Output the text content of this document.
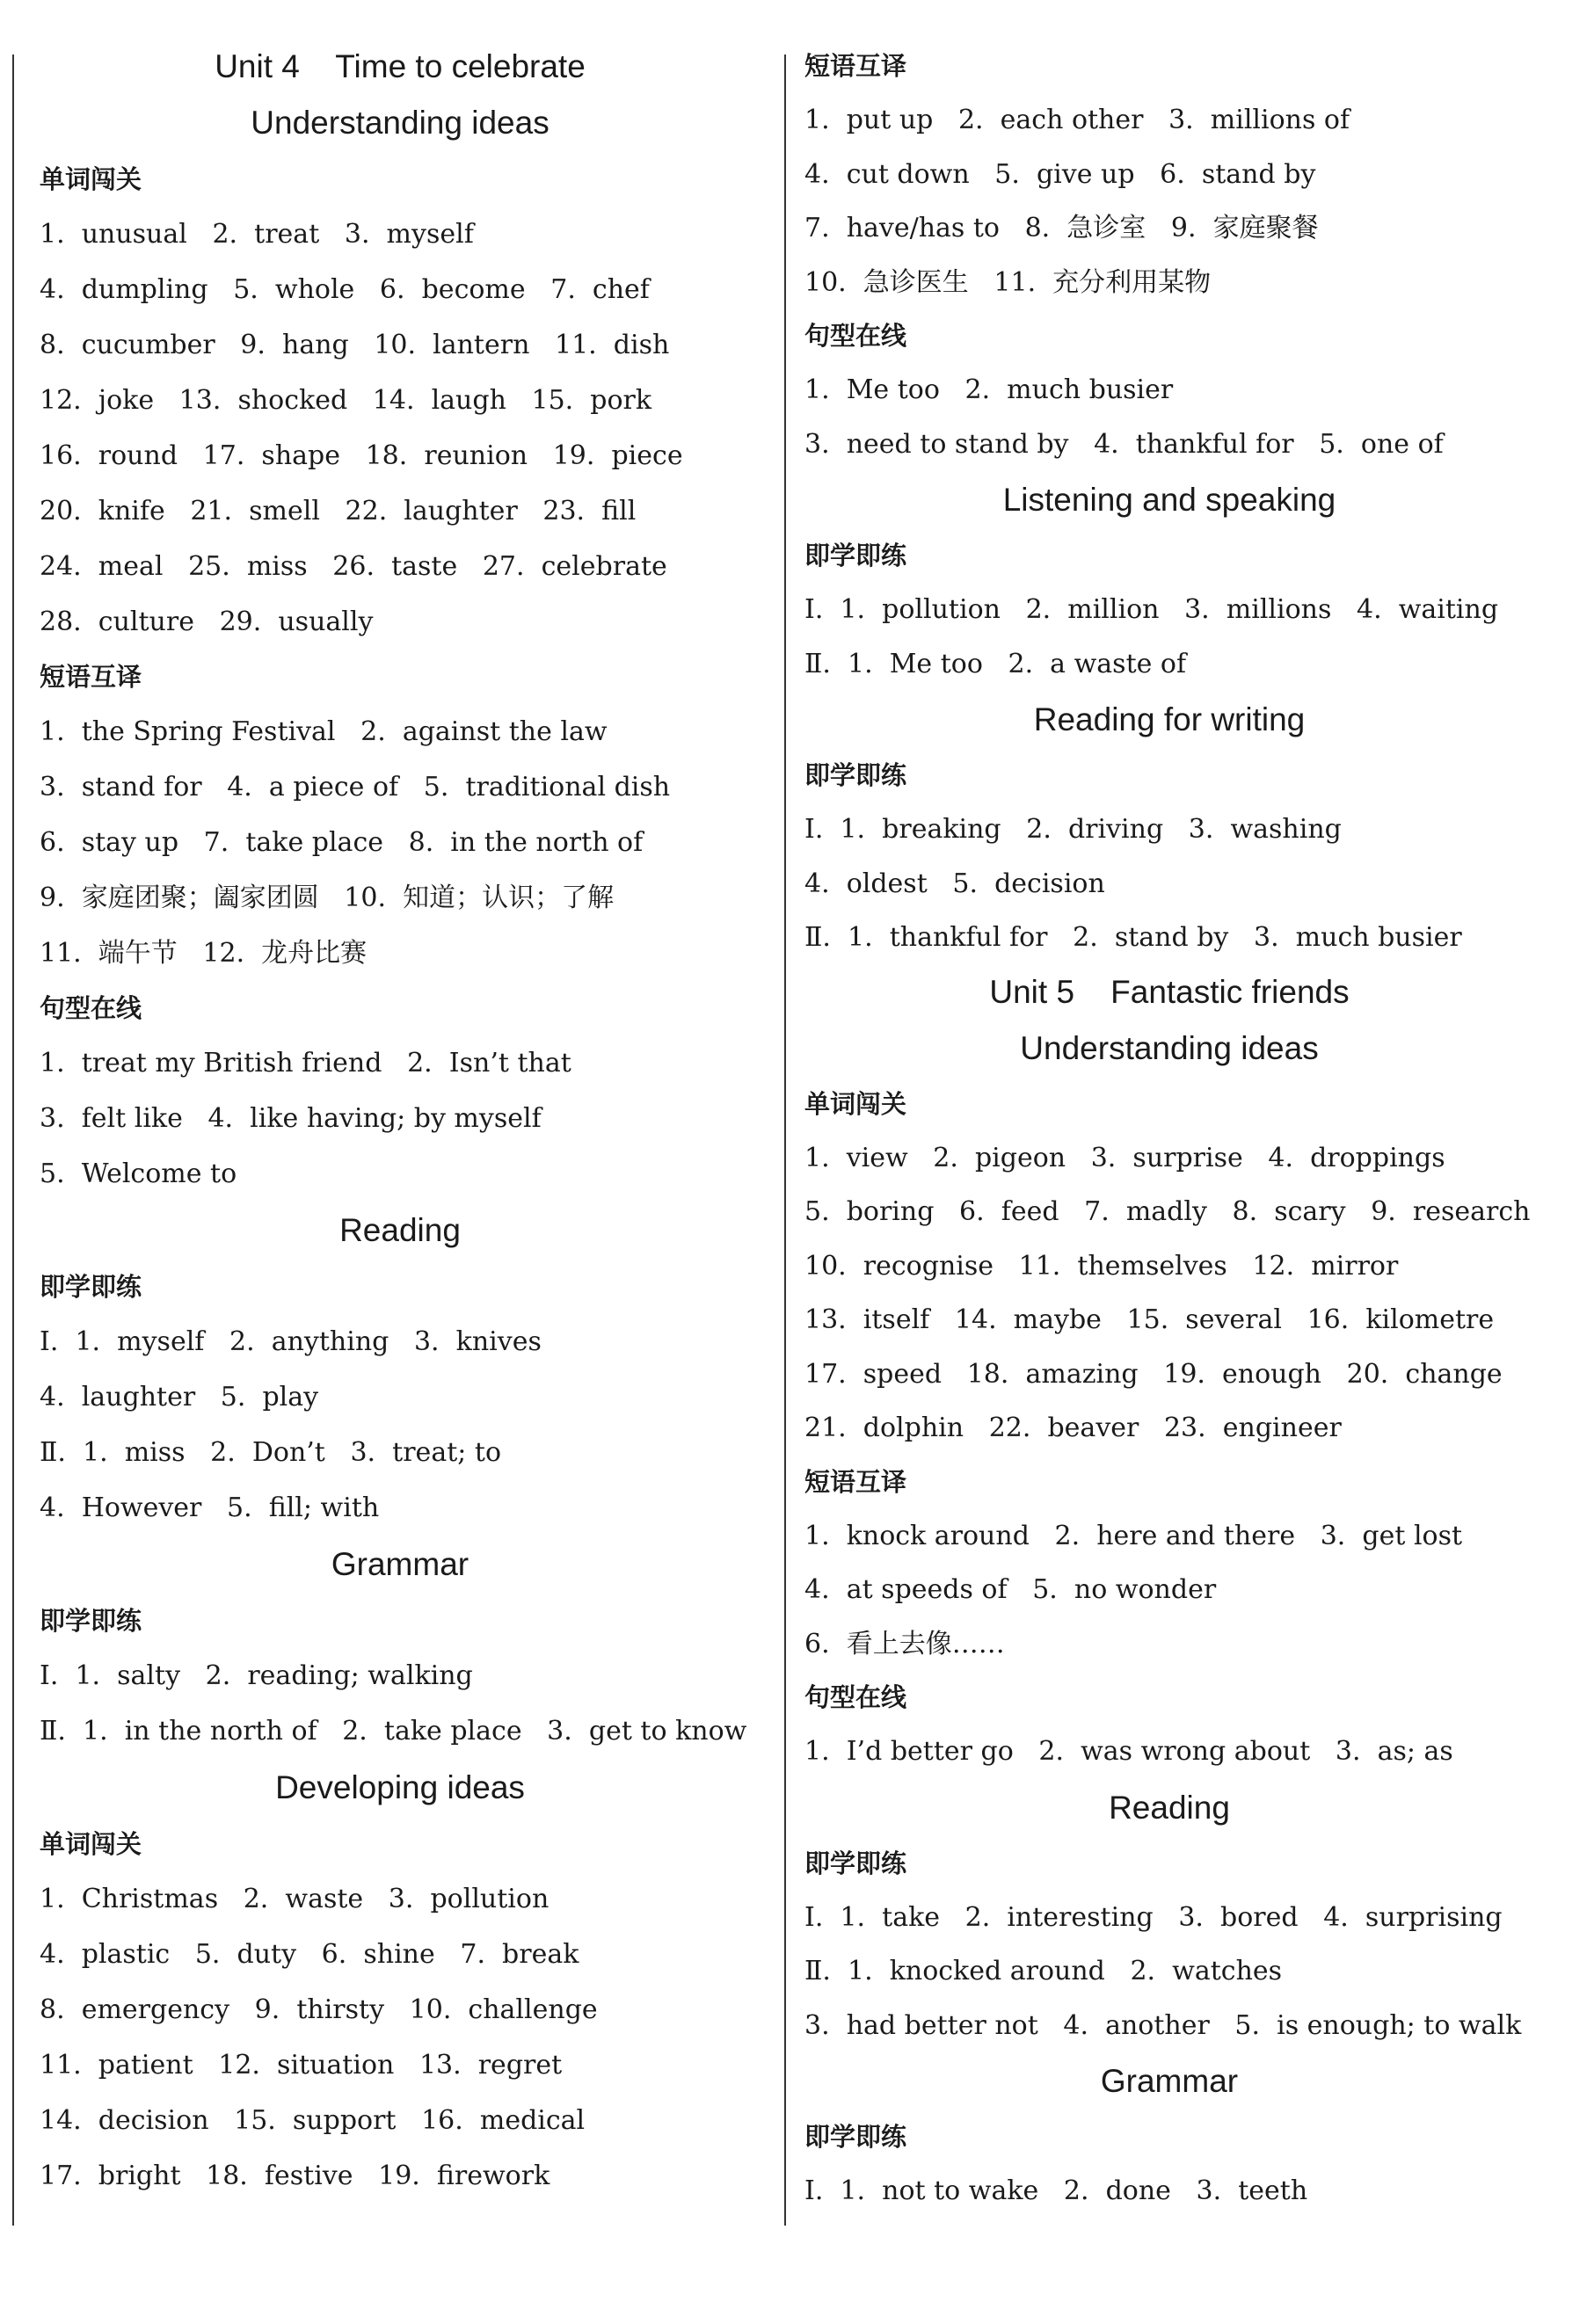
Unit 4    Time to celebrate
Understanding ideas
单词闯关
1.  unusual   2.  treat   3.  myself
4.  dumpling   5.  whole   6.  become   7.  chef
8.  cucumber   9.  hang   10.  lantern   11.  dish
12.  joke   13.  shocked   14.  laugh   15.  pork
16.  round   17.  shape   18.  reunion   19.  piece
20.  knife   21.  smell   22.  laughter   23.  fill
24.  meal   25.  miss   26.  taste   27.  celebrate
28.  culture   29.  usually
短语互译
1.  the Spring Festival   2.  against the law
3.  stand for   4.  a piece of   5.  traditional dish
6.  stay up   7.  take place   8.  in the north of
9.  家庭团聚；阖家团圆   10.  知道；认识；了解
11.  端午节   12.  龙舟比赛
句型在线
1.  treat my British friend   2.  Isn’t that
3.  felt like   4.  like having; by myself
5.  Welcome to
Reading
即学即练
Ⅰ.  1.  myself   2.  anything   3.  knives
4.  laughter   5.  play
Ⅱ.  1.  miss   2.  Don’t   3.  treat; to
4.  However   5.  fill; with
Grammar
即学即练
Ⅰ.  1.  salty   2.  reading; walking
Ⅱ.  1.  in the north of   2.  take place   3.  get to know
Developing ideas
单词闯关
1.  Christmas   2.  waste   3.  pollution
4.  plastic   5.  duty   6.  shine   7.  break
8.  emergency   9.  thirsty   10.  challenge
11.  patient   12.  situation   13.  regret
14.  decision   15.  support   16.  medical
17.  bright   18.  festive   19.  firework
短语互译
1.  put up   2.  each other   3.  millions of
4.  cut down   5.  give up   6.  stand by
7.  have/has to   8.  急诊室   9.  家庭聚餐
10.  急诊医生   11.  充分利用某物
句型在线
1.  Me too   2.  much busier
3.  need to stand by   4.  thankful for   5.  one of
Listening and speaking
即学即练
Ⅰ.  1.  pollution   2.  million   3.  millions   4.  waiting
Ⅱ.  1.  Me too   2.  a waste of
Reading for writing
即学即练
Ⅰ.  1.  breaking   2.  driving   3.  washing
4.  oldest   5.  decision
Ⅱ.  1.  thankful for   2.  stand by   3.  much busier
Unit 5    Fantastic friends
Understanding ideas
单词闯关
1.  view   2.  pigeon   3.  surprise   4.  droppings
5.  boring   6.  feed   7.  madly   8.  scary   9.  research
10.  recognise   11.  themselves   12.  mirror
13.  itself   14.  maybe   15.  several   16.  kilometre
17.  speed   18.  amazing   19.  enough   20.  change
21.  dolphin   22.  beaver   23.  engineer
短语互译
1.  knock around   2.  here and there   3.  get lost
4.  at speeds of   5.  no wonder
6.  看上去像……
句型在线
1.  I’d better go   2.  was wrong about   3.  as; as
Reading
即学即练
Ⅰ.  1.  take   2.  interesting   3.  bored   4.  surprising
Ⅱ.  1.  knocked around   2.  watches
3.  had better not   4.  another   5.  is enough; to walk
Grammar
即学即练
Ⅰ.  1.  not to wake   2.  done   3.  teeth
